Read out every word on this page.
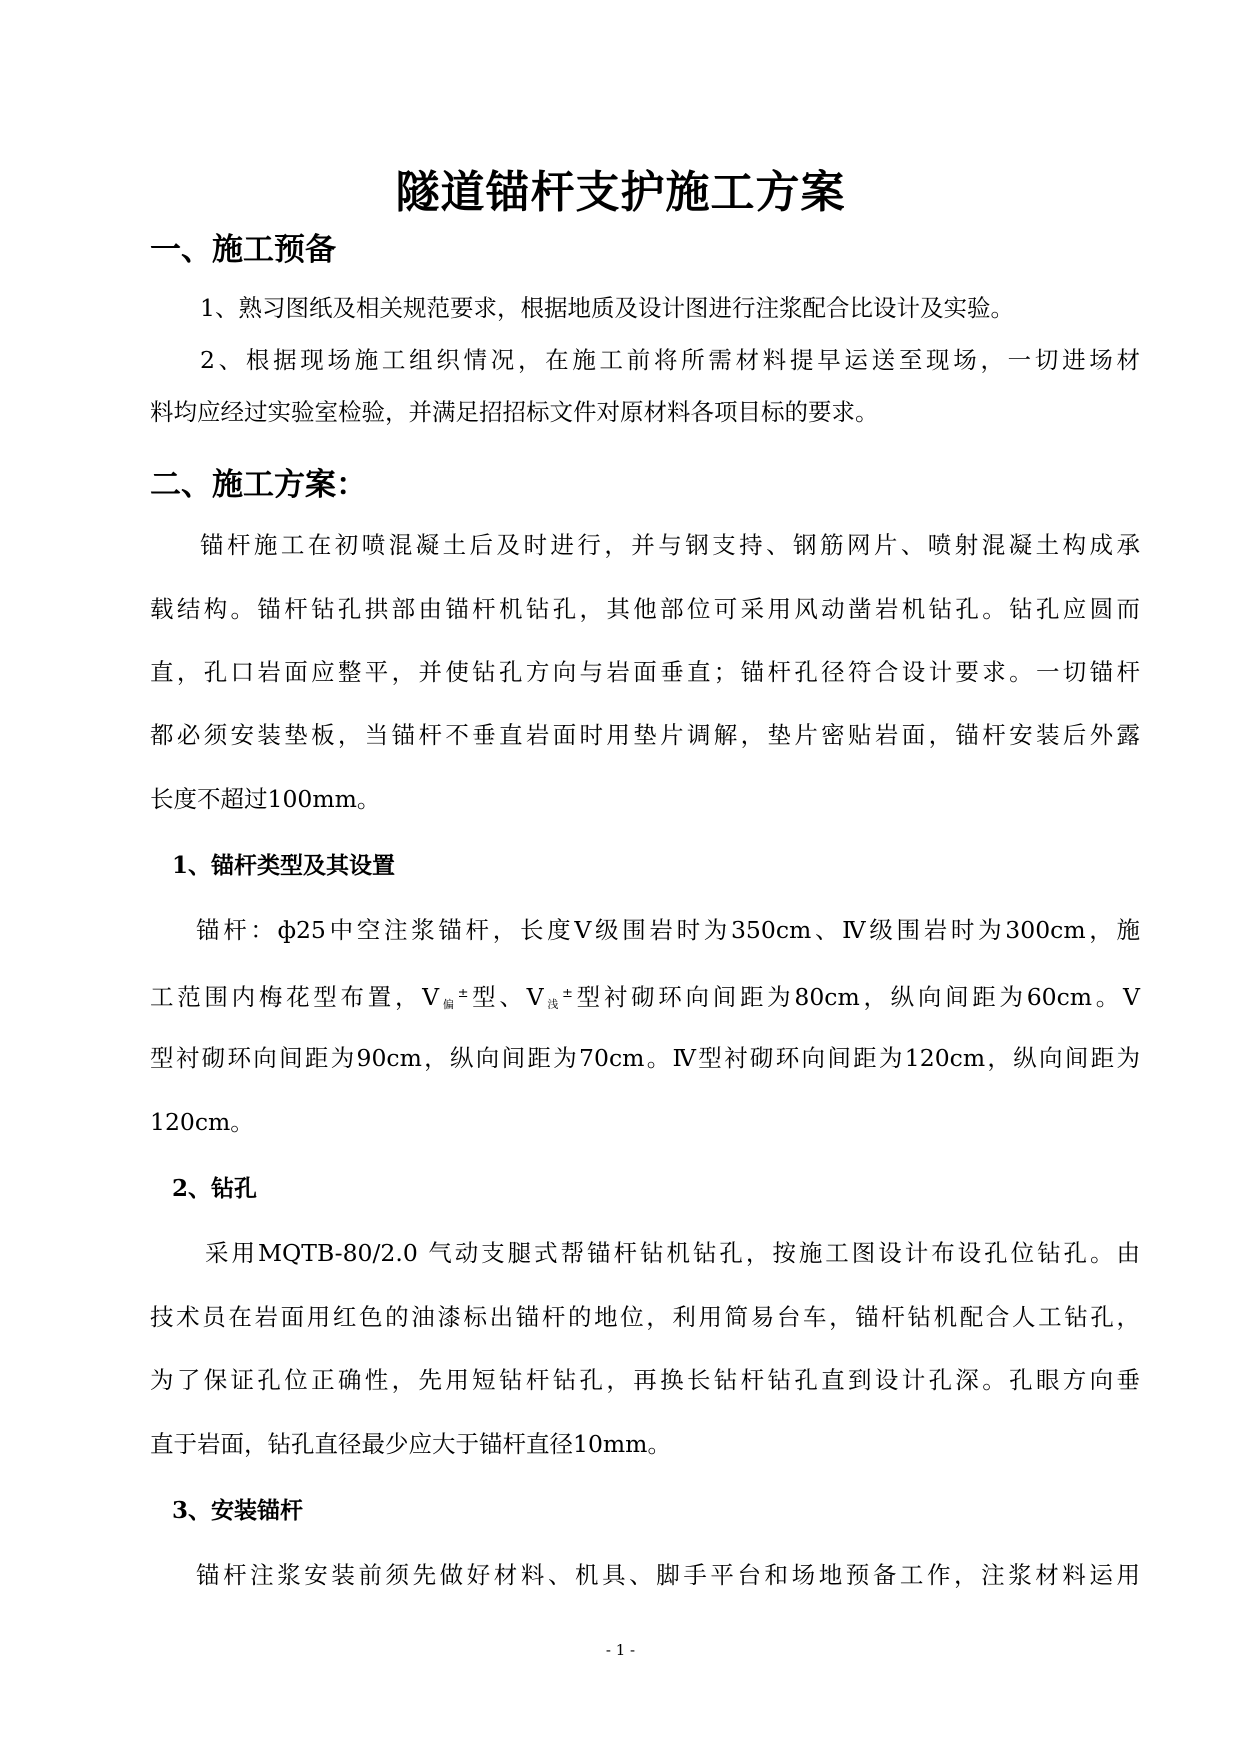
隧道锚杆支护施工方案
一、施工预备
1、熟习图纸及相关规范要求，根据地质及设计图进行注浆配合比设计及实验。
2、根据现场施工组织情况，在施工前将所需材料提早运送至现场，一切进场材
料均应经过实验室检验，并满足招招标文件对原材料各项目标的要求。
二、施工方案：
锚杆施工在初喷混凝土后及时进行，并与钢支持、钢筋网片、喷射混凝土构成承
载结构。锚杆钻孔拱部由锚杆机钻孔，其他部位可采用风动凿岩机钻孔。钻孔应圆而
直，孔口岩面应整平，并使钻孔方向与岩面垂直；锚杆孔径符合设计要求。一切锚杆
都必须安装垫板，当锚杆不垂直岩面时用垫片调解，垫片密贴岩面，锚杆安装后外露
长度不超过100mm。
1、锚杆类型及其设置
锚杆：ф25中空注浆锚杆，长度Ⅴ级围岩时为350cm、Ⅳ级围岩时为300cm，施
工范围内梅花型布置，$Ⅴ_偏^\pm$型、$Ⅴ_浅^\pm$型衬砌环向间距为80cm，纵向间距为60cm。Ⅴ
型衬砌环向间距为90cm，纵向间距为70cm。Ⅳ型衬砌环向间距为120cm，纵向间距为
120cm。
2、钻孔
采用MQTB-80/2.0 气动支腿式帮锚杆钻机钻孔，按施工图设计布设孔位钻孔。由
技术员在岩面用红色的油漆标出锚杆的地位，利用简易台车，锚杆钻机配合人工钻孔，
为了保证孔位正确性，先用短钻杆钻孔，再换长钻杆钻孔直到设计孔深。孔眼方向垂
直于岩面，钻孔直径最少应大于锚杆直径10mm。
3、安装锚杆
锚杆注浆安装前须先做好材料、机具、脚手平台和场地预备工作，注浆材料运用
- 1 -
